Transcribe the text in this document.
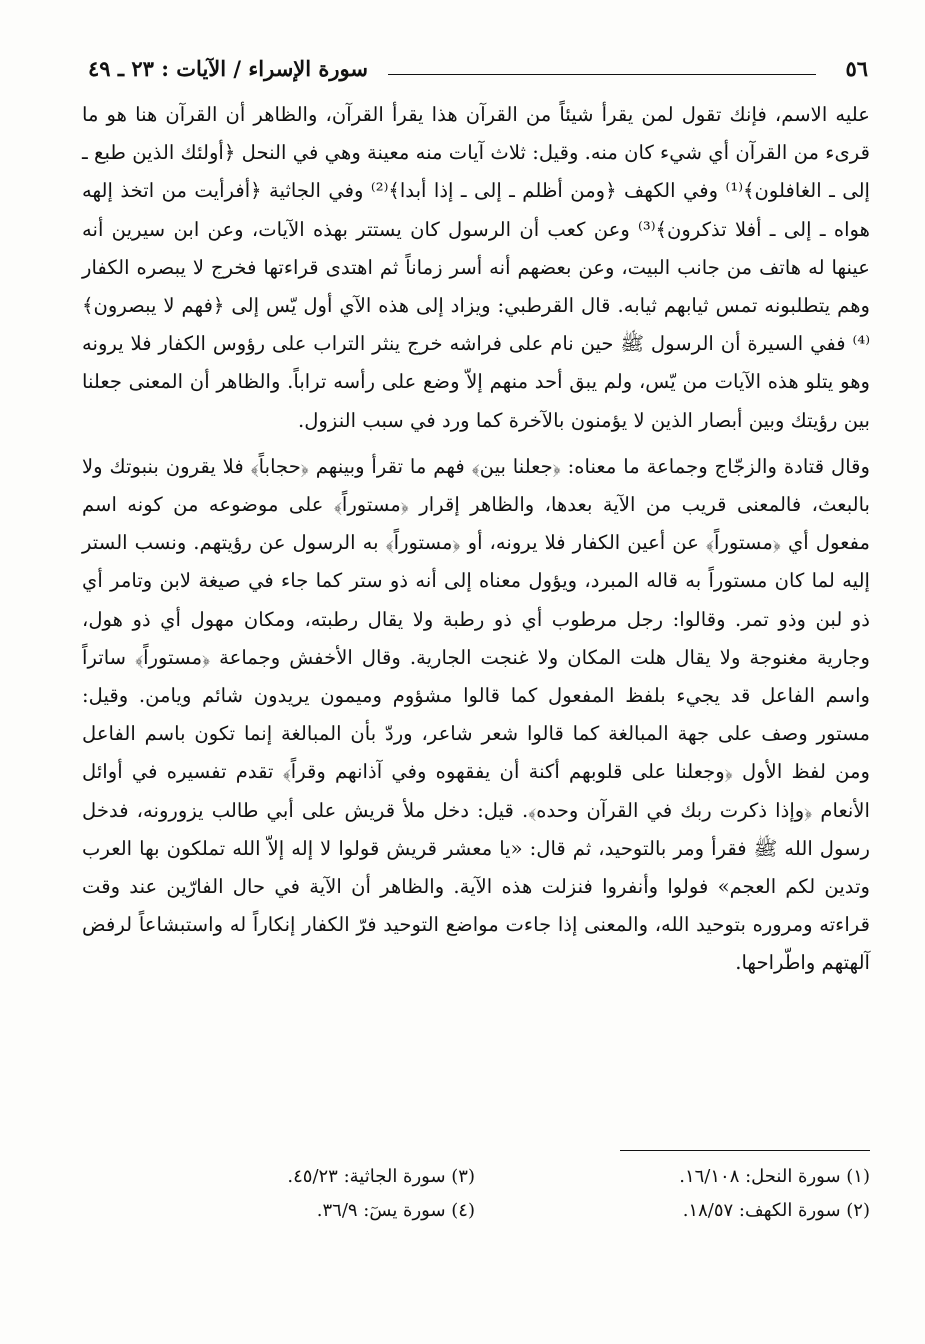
٥٦
سورة الإسراء / الآيات : ٢٣ ـ ٤٩

عليه الاسم، فإنك تقول لمن يقرأ شيئاً من القرآن هذا يقرأ القرآن، والظاهر أن القرآن هنا هو ما قرىء من القرآن أي شيء كان منه. وقيل: ثلاث آيات منه معينة وهي في النحل ﴿أولئك الذين طبع ـ إلى ـ الغافلون﴾⁽¹⁾ وفي الكهف ﴿ومن أظلم ـ إلى ـ إذا أبدا﴾⁽²⁾ وفي الجاثية ﴿أفرأيت من اتخذ إلهه هواه ـ إلى ـ أفلا تذكرون﴾⁽³⁾ وعن كعب أن الرسول كان يستتر بهذه الآيات، وعن ابن سيرين أنه عينها له هاتف من جانب البيت، وعن بعضهم أنه أسر زماناً ثم اهتدى قراءتها فخرج لا يبصره الكفار وهم يتطلبونه تمس ثيابهم ثيابه. قال القرطبي: ويزاد إلى هذه الآي أول يّس إلى ﴿فهم لا يبصرون﴾⁽⁴⁾ ففي السيرة أن الرسول ﷺ حين نام على فراشه خرج ينثر التراب على رؤوس الكفار فلا يرونه وهو يتلو هذه الآيات من يّس، ولم يبق أحد منهم إلاّ وضع على رأسه تراباً. والظاهر أن المعنى جعلنا بين رؤيتك وبين أبصار الذين لا يؤمنون بالآخرة كما ورد في سبب النزول.

وقال قتادة والزجّاج وجماعة ما معناه: ﴿جعلنا بين﴾ فهم ما تقرأ وبينهم ﴿حجاباً﴾ فلا يقرون بنبوتك ولا بالبعث، فالمعنى قريب من الآية بعدها، والظاهر إقرار ﴿مستوراً﴾ على موضوعه من كونه اسم مفعول أي ﴿مستوراً﴾ عن أعين الكفار فلا يرونه، أو ﴿مستوراً﴾ به الرسول عن رؤيتهم. ونسب الستر إليه لما كان مستوراً به قاله المبرد، ويؤول معناه إلى أنه ذو ستر كما جاء في صيغة لابن وتامر أي ذو لبن وذو تمر. وقالوا: رجل مرطوب أي ذو رطبة ولا يقال رطبته، ومكان مهول أي ذو هول، وجارية مغنوجة ولا يقال هلت المكان ولا غنجت الجارية. وقال الأخفش وجماعة ﴿مستوراً﴾ ساتراً واسم الفاعل قد يجيء بلفظ المفعول كما قالوا مشؤوم وميمون يريدون شائم ويامن. وقيل: مستور وصف على جهة المبالغة كما قالوا شعر شاعر، وردّ بأن المبالغة إنما تكون باسم الفاعل ومن لفظ الأول ﴿وجعلنا على قلوبهم أكنة أن يفقهوه وفي آذانهم وقراً﴾ تقدم تفسيره في أوائل الأنعام ﴿وإذا ذكرت ربك في القرآن وحده﴾. قيل: دخل ملأ قريش على أبي طالب يزورونه، فدخل رسول الله ﷺ فقرأ ومر بالتوحيد، ثم قال: «يا معشر قريش قولوا لا إله إلاّ الله تملكون بها العرب وتدين لكم العجم» فولوا وأنفروا فنزلت هذه الآية. والظاهر أن الآية في حال الفارّين عند وقت قراءته ومروره بتوحيد الله، والمعنى إذا جاءت مواضع التوحيد فرّ الكفار إنكاراً له واستبشاعاً لرفض آلهتهم واطّراحها.

(١) سورة النحل: ١٦/١٠٨.
(٢) سورة الكهف: ١٨/٥٧.
(٣) سورة الجاثية: ٤٥/٢٣.
(٤) سورة يسٓ: ٣٦/٩.
